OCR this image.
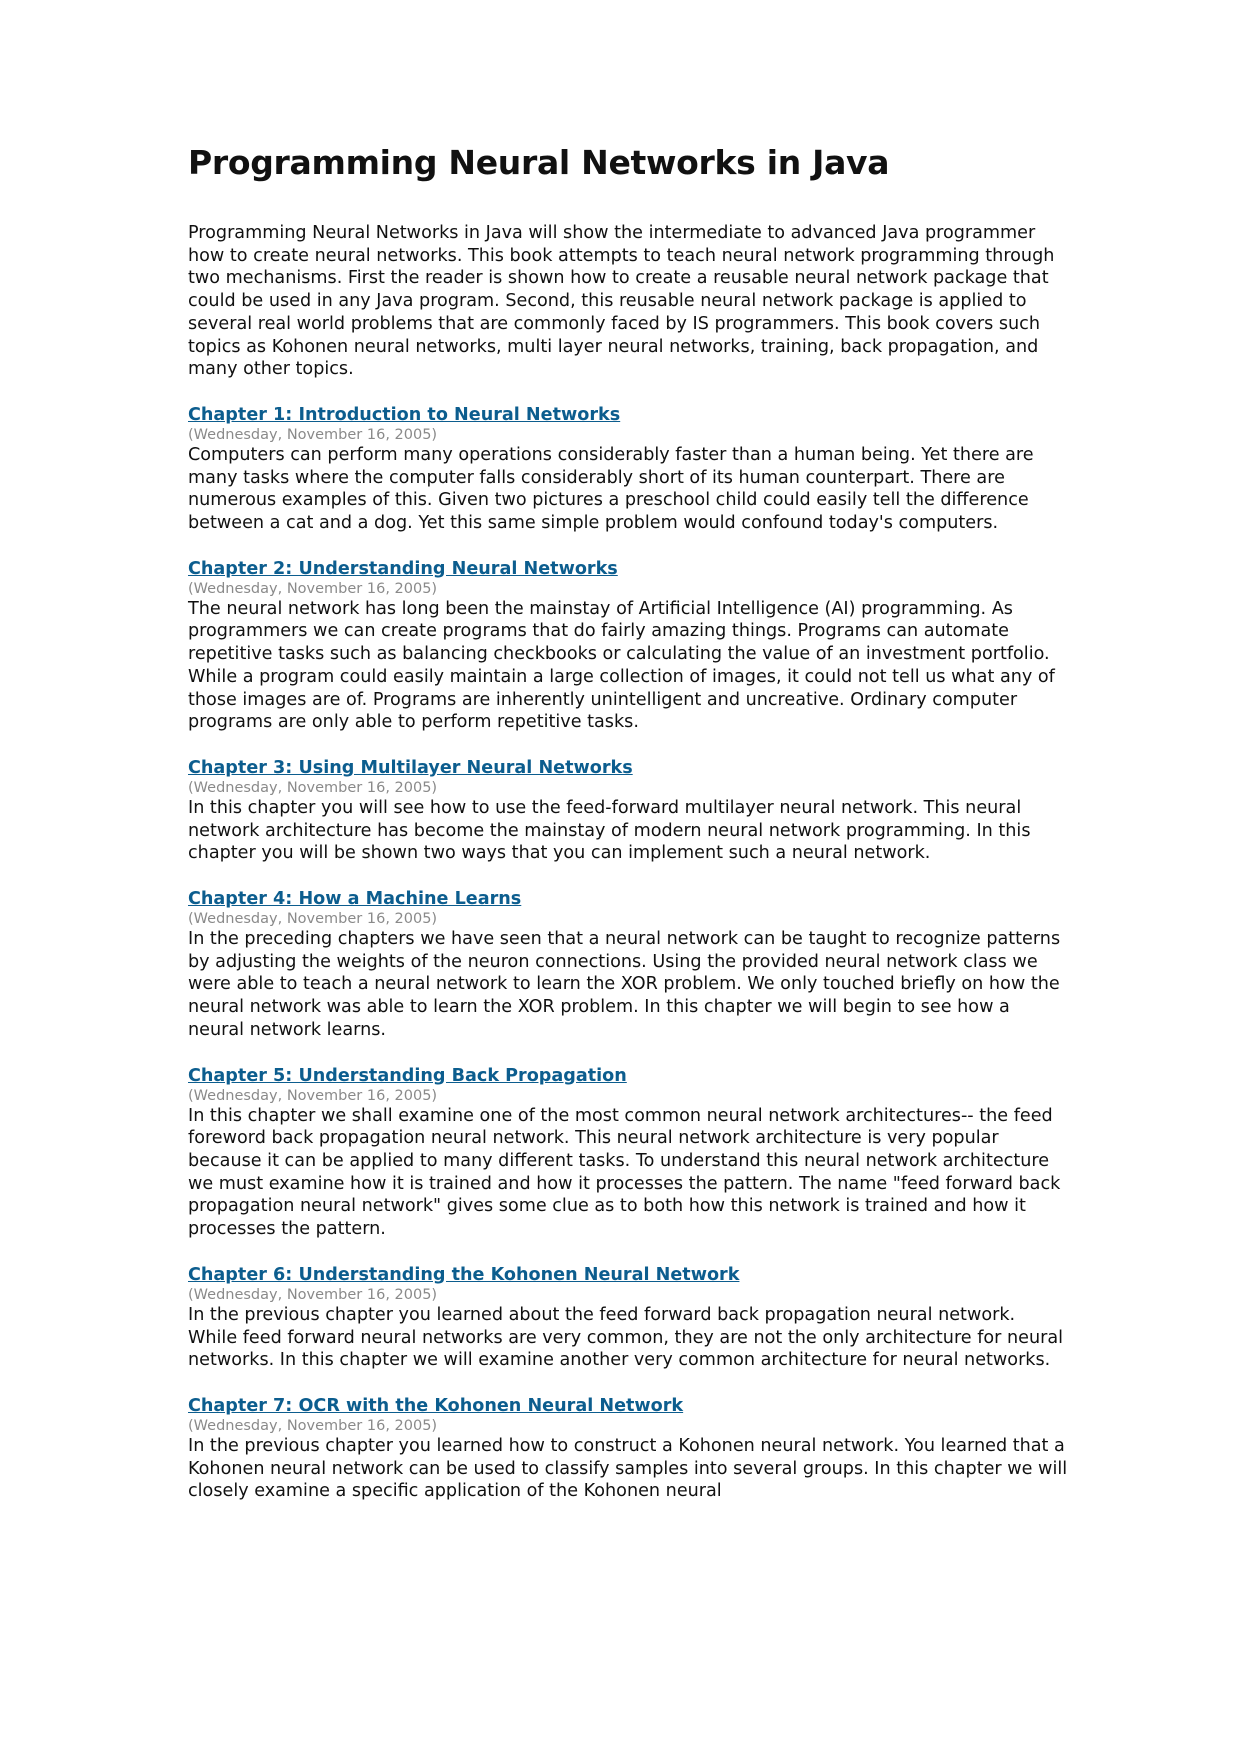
Programming Neural Networks in Java

Programming Neural Networks in Java will show the intermediate to advanced Java programmer how to create neural networks. This book attempts to teach neural network programming through two mechanisms. First the reader is shown how to create a reusable neural network package that could be used in any Java program. Second, this reusable neural network package is applied to several real world problems that are commonly faced by IS programmers. This book covers such topics as Kohonen neural networks, multi layer neural networks, training, back propagation, and many other topics.

Chapter 1: Introduction to Neural Networks
(Wednesday, November 16, 2005)

Computers can perform many operations considerably faster than a human being. Yet there are many tasks where the computer falls considerably short of its human counterpart. There are numerous examples of this. Given two pictures a preschool child could easily tell the difference between a cat and a dog. Yet this same simple problem would confound today's computers.

Chapter 2: Understanding Neural Networks
(Wednesday, November 16, 2005)

The neural network has long been the mainstay of Artificial Intelligence (AI) programming. As programmers we can create programs that do fairly amazing things. Programs can automate repetitive tasks such as balancing checkbooks or calculating the value of an investment portfolio. While a program could easily maintain a large collection of images, it could not tell us what any of those images are of. Programs are inherently unintelligent and uncreative. Ordinary computer programs are only able to perform repetitive tasks.

Chapter 3: Using Multilayer Neural Networks
(Wednesday, November 16, 2005)

In this chapter you will see how to use the feed-forward multilayer neural network. This neural network architecture has become the mainstay of modern neural network programming. In this chapter you will be shown two ways that you can implement such a neural network.

Chapter 4: How a Machine Learns
(Wednesday, November 16, 2005)

In the preceding chapters we have seen that a neural network can be taught to recognize patterns by adjusting the weights of the neuron connections. Using the provided neural network class we were able to teach a neural network to learn the XOR problem. We only touched briefly on how the neural network was able to learn the XOR problem. In this chapter we will begin to see how a neural network learns.

Chapter 5: Understanding Back Propagation
(Wednesday, November 16, 2005)

In this chapter we shall examine one of the most common neural network architectures-- the feed foreword back propagation neural network. This neural network architecture is very popular because it can be applied to many different tasks. To understand this neural network architecture we must examine how it is trained and how it processes the pattern. The name "feed forward back propagation neural network" gives some clue as to both how this network is trained and how it processes the pattern.

Chapter 6: Understanding the Kohonen Neural Network
(Wednesday, November 16, 2005)

In the previous chapter you learned about the feed forward back propagation neural network. While feed forward neural networks are very common, they are not the only architecture for neural networks. In this chapter we will examine another very common architecture for neural networks.

Chapter 7: OCR with the Kohonen Neural Network
(Wednesday, November 16, 2005)

In the previous chapter you learned how to construct a Kohonen neural network. You learned that a Kohonen neural network can be used to classify samples into several groups. In this chapter we will closely examine a specific application of the Kohonen neural
